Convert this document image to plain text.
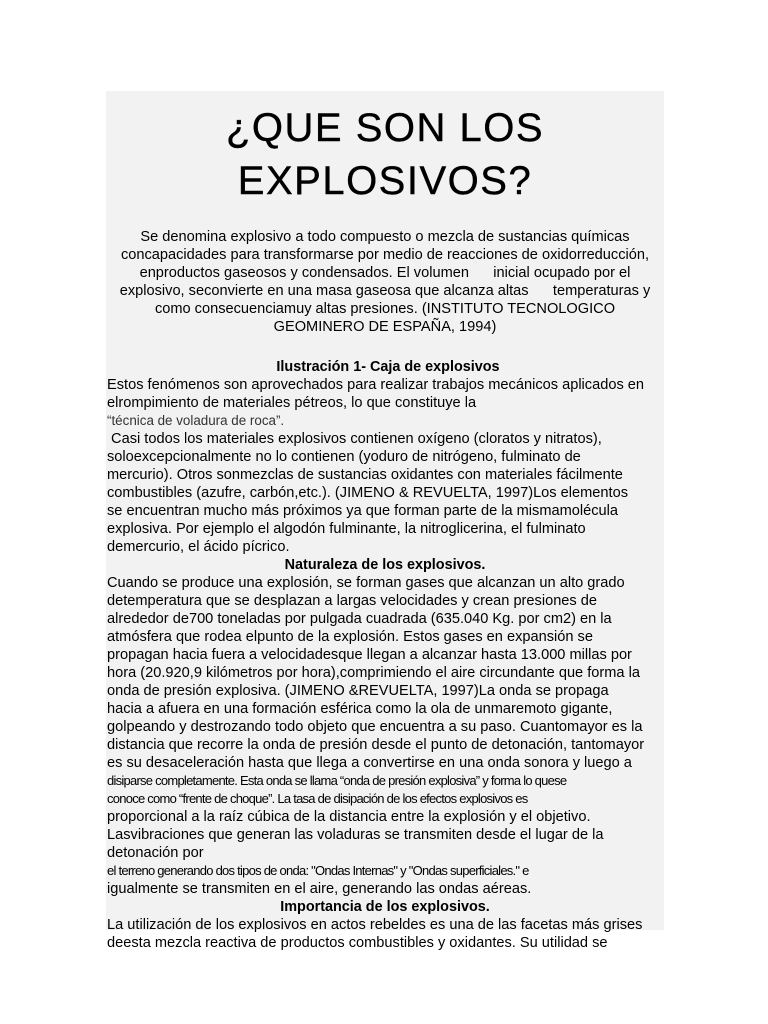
¿QUE SON LOS
EXPLOSIVOS?
Se denomina explosivo a todo compuesto o mezcla de sustancias químicas
concapacidades para transformarse por medio de reacciones de oxidorreducción,
enproductos gaseosos y condensados. El volumen      inicial ocupado por el
explosivo, seconvierte en una masa gaseosa que alcanza altas      temperaturas y
como consecuenciamuy altas presiones. (INSTITUTO TECNOLOGICO
GEOMINERO DE ESPAÑA, 1994)

Ilustración 1- Caja de explosivos

Estos fenómenos son aprovechados para realizar trabajos mecánicos aplicados en
elrompimiento de materiales pétreos, lo que constituye la
“técnica de voladura de roca”.
Casi todos los materiales explosivos contienen oxígeno (cloratos y nitratos),
soloexcepcionalmente no lo contienen (yoduro de nitrógeno, fulminato de
mercurio). Otros sonmezclas de sustancias oxidantes con materiales fácilmente
combustibles (azufre, carbón,etc.). (JIMENO & REVUELTA, 1997)Los elementos
se encuentran mucho más próximos ya que forman parte de la mismamolécula
explosiva. Por ejemplo el algodón fulminante, la nitroglicerina, el fulminato
demercurio, el ácido pícrico.

Naturaleza de los explosivos.

Cuando se produce una explosión, se forman gases que alcanzan un alto grado
detemperatura que se desplazan a largas velocidades y crean presiones de
alrededor de700 toneladas por pulgada cuadrada (635.040 Kg. por cm2) en la
atmósfera que rodea elpunto de la explosión. Estos gases en expansión se
propagan hacia fuera a velocidadesque llegan a alcanzar hasta 13.000 millas por
hora (20.920,9 kilómetros por hora),comprimiendo el aire circundante que forma la
onda de presión explosiva. (JIMENO &REVUELTA, 1997)La onda se propaga
hacia a afuera en una formación esférica como la ola de unmaremoto gigante,
golpeando y destrozando todo objeto que encuentra a su paso. Cuantomayor es la
distancia que recorre la onda de presión desde el punto de detonación, tantomayor
es su desaceleración hasta que llega a convertirse en una onda sonora y luego a
disiparse completamente. Esta onda se llama “onda de presión explosiva” y forma lo quese
conoce como “frente de choque”. La tasa de disipación de los efectos explosivos es
proporcional a la raíz cúbica de la distancia entre la explosión y el objetivo.
Lasvibraciones que generan las voladuras se transmiten desde el lugar de la
detonación por
el terreno generando dos tipos de onda: "Ondas Internas" y "Ondas superficiales." e
igualmente se transmiten en el aire, generando las ondas aéreas.

Importancia de los explosivos.

La utilización de los explosivos en actos rebeldes es una de las facetas más grises
deesta mezcla reactiva de productos combustibles y oxidantes. Su utilidad se
